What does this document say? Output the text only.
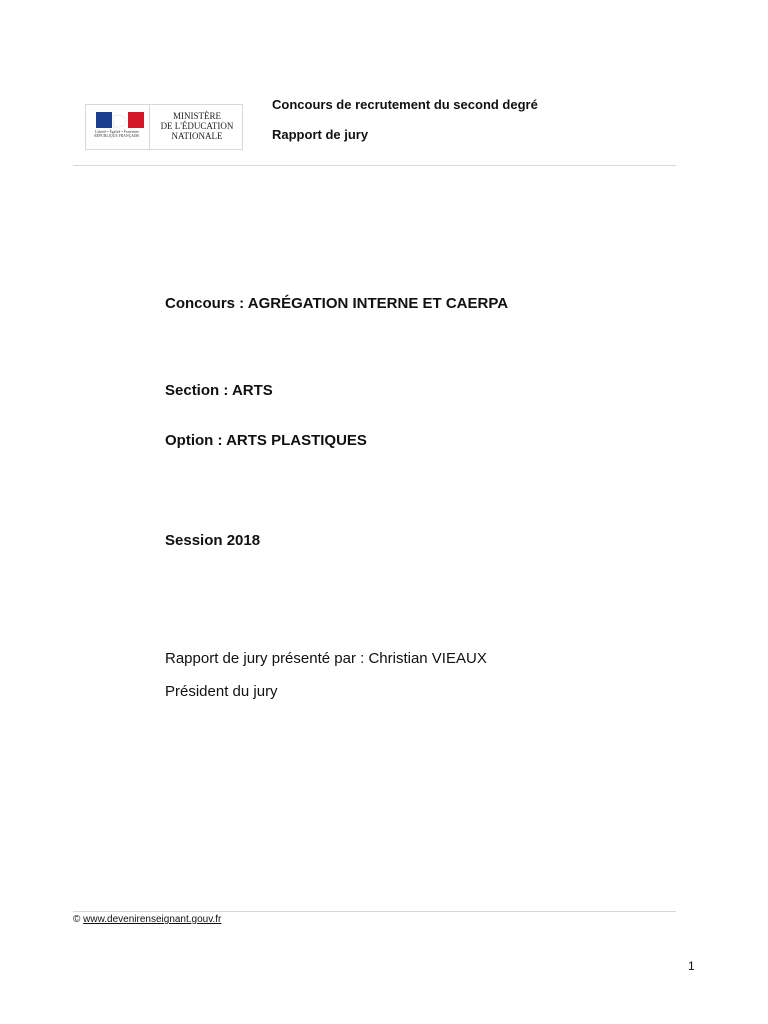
Liberté • Égalité • Fraternité
RÉPUBLIQUE FRANÇAISE
MINISTÈRE
DE L'ÉDUCATION
NATIONALE
Concours de recrutement du second degré
Rapport de jury
Concours : AGRÉGATION INTERNE ET CAERPA
Section : ARTS
Option : ARTS PLASTIQUES
Session 2018
Rapport de jury présenté par : Christian VIEAUX
Président du jury
© www.devenirenseignant.gouv.fr
1
